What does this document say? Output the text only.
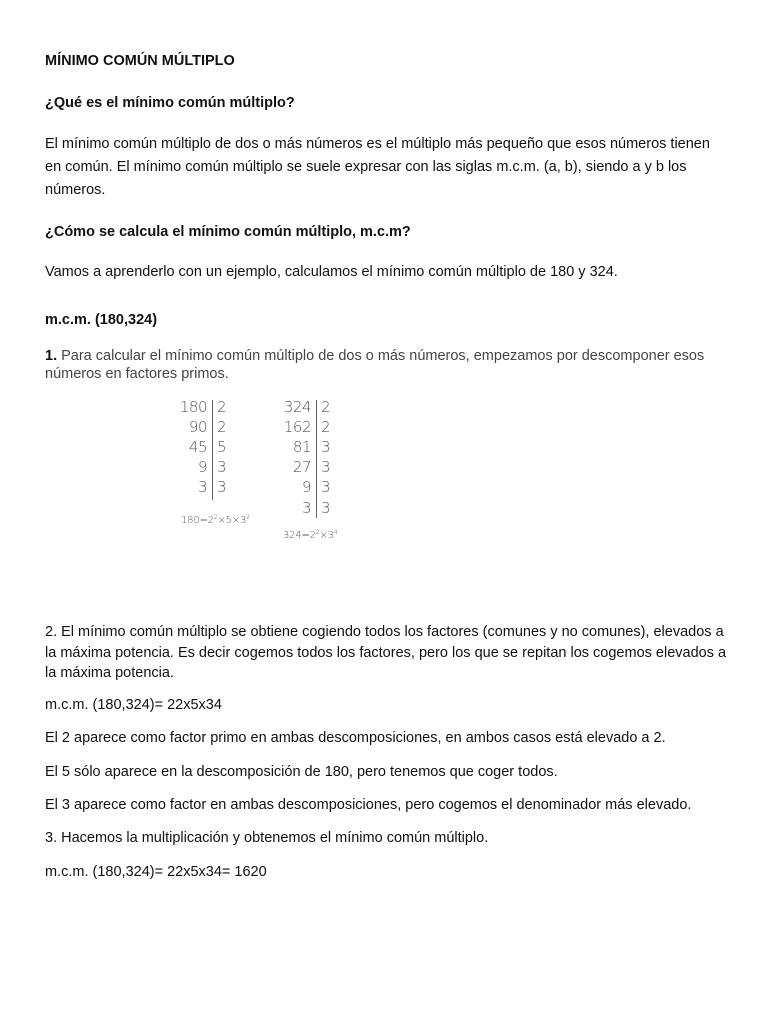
MÍNIMO COMÚN MÚLTIPLO
¿Qué es el mínimo común múltiplo?
El mínimo común múltiplo de dos o más números es el múltiplo más pequeño que esos números tienen en común. El mínimo común múltiplo se suele expresar con las siglas m.c.m. (a, b), siendo a y b los números.
¿Cómo se calcula el mínimo común múltiplo, m.c.m?
Vamos a aprenderlo con un ejemplo, calculamos el mínimo común múltiplo de 180 y 324.
m.c.m. (180,324)
1. Para calcular el mínimo común múltiplo de dos o más números, empezamos por descomponer esos números en factores primos.
2. El mínimo común múltiplo se obtiene cogiendo todos los factores (comunes y no comunes), elevados a la máxima potencia. Es decir cogemos todos los factores, pero los que se repitan los cogemos elevados a la máxima potencia.
m.c.m. (180,324)= 22x5x34
El 2 aparece como factor primo en ambas descomposiciones, en ambos casos está elevado a 2.
El 5 sólo aparece en la descomposición de 180, pero tenemos que coger todos.
El 3 aparece como factor en ambas descomposiciones, pero cogemos el denominador más elevado.
3. Hacemos la multiplicación y obtenemos el mínimo común múltiplo.
m.c.m. (180,324)= 22x5x34= 1620
$180=2^2\times 5\times 3^2$
180 2
90 2
45 5
9 3
3 3
$324=2^2\times 3^4$
324 2
162 2
81 3
27 3
9 3
3 3
